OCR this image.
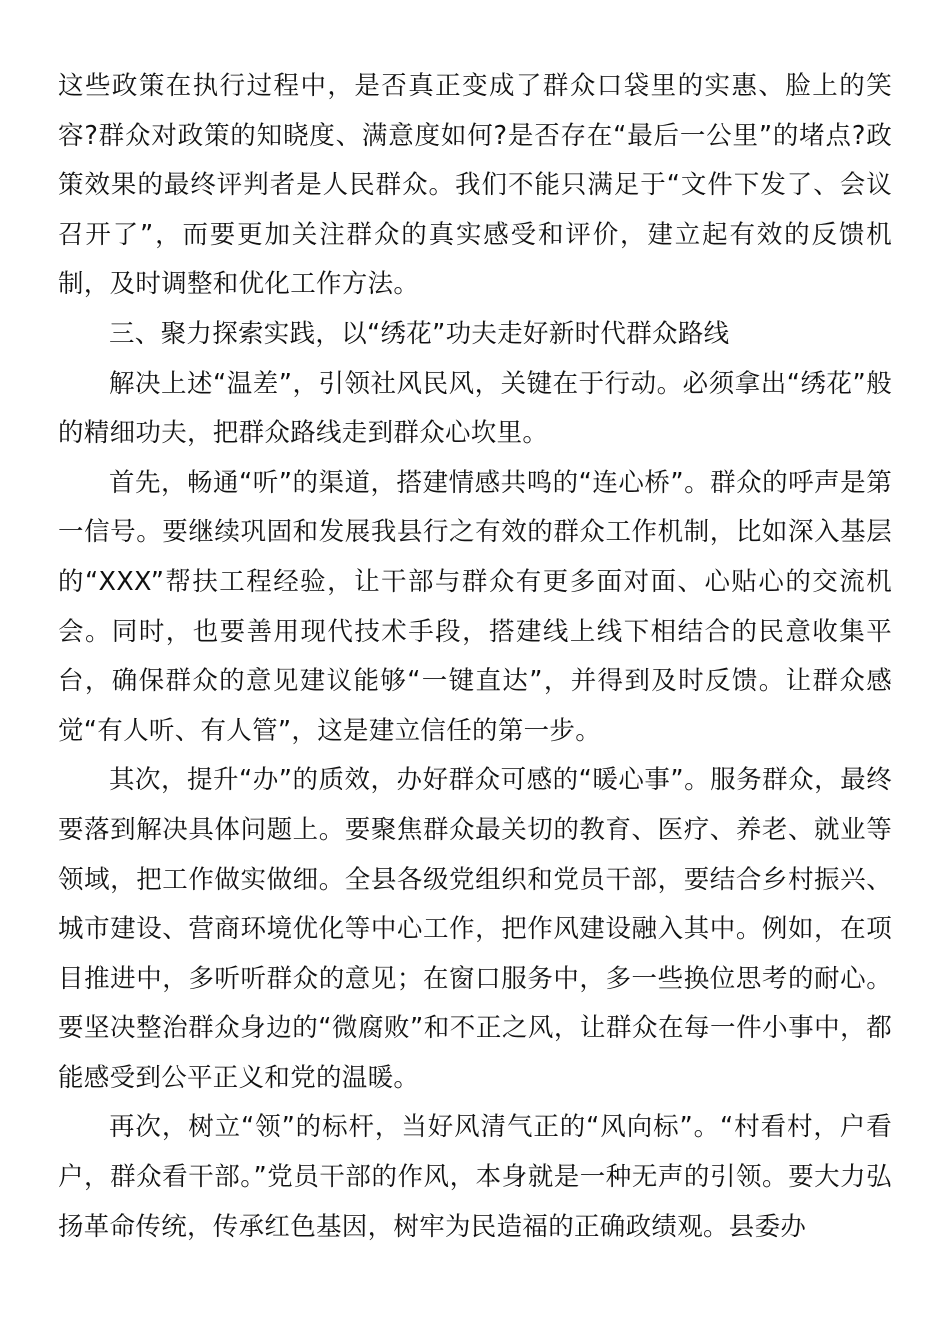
这些政策在执行过程中，是否真正变成了群众口袋里的实惠、脸上的笑容?群众对政策的知晓度、满意度如何?是否存在“最后一公里”的堵点?政策效果的最终评判者是人民群众。我们不能只满足于“文件下发了、会议召开了”，而要更加关注群众的真实感受和评价，建立起有效的反馈机制，及时调整和优化工作方法。

三、聚力探索实践，以“绣花”功夫走好新时代群众路线

解决上述“温差”，引领社风民风，关键在于行动。必须拿出“绣花”般的精细功夫，把群众路线走到群众心坎里。

首先，畅通“听”的渠道，搭建情感共鸣的“连心桥”。群众的呼声是第一信号。要继续巩固和发展我县行之有效的群众工作机制，比如深入基层的“XXX”帮扶工程经验，让干部与群众有更多面对面、心贴心的交流机会。同时，也要善用现代技术手段，搭建线上线下相结合的民意收集平台，确保群众的意见建议能够“一键直达”，并得到及时反馈。让群众感觉“有人听、有人管”，这是建立信任的第一步。

其次，提升“办”的质效，办好群众可感的“暖心事”。服务群众，最终要落到解决具体问题上。要聚焦群众最关切的教育、医疗、养老、就业等领域，把工作做实做细。全县各级党组织和党员干部，要结合乡村振兴、城市建设、营商环境优化等中心工作，把作风建设融入其中。例如，在项目推进中，多听听群众的意见；在窗口服务中，多一些换位思考的耐心。要坚决整治群众身边的“微腐败”和不正之风，让群众在每一件小事中，都能感受到公平正义和党的温暖。

再次，树立“领”的标杆，当好风清气正的“风向标”。“村看村，户看户，群众看干部。”党员干部的作风，本身就是一种无声的引领。要大力弘扬革命传统，传承红色基因，树牢为民造福的正确政绩观。县委办
